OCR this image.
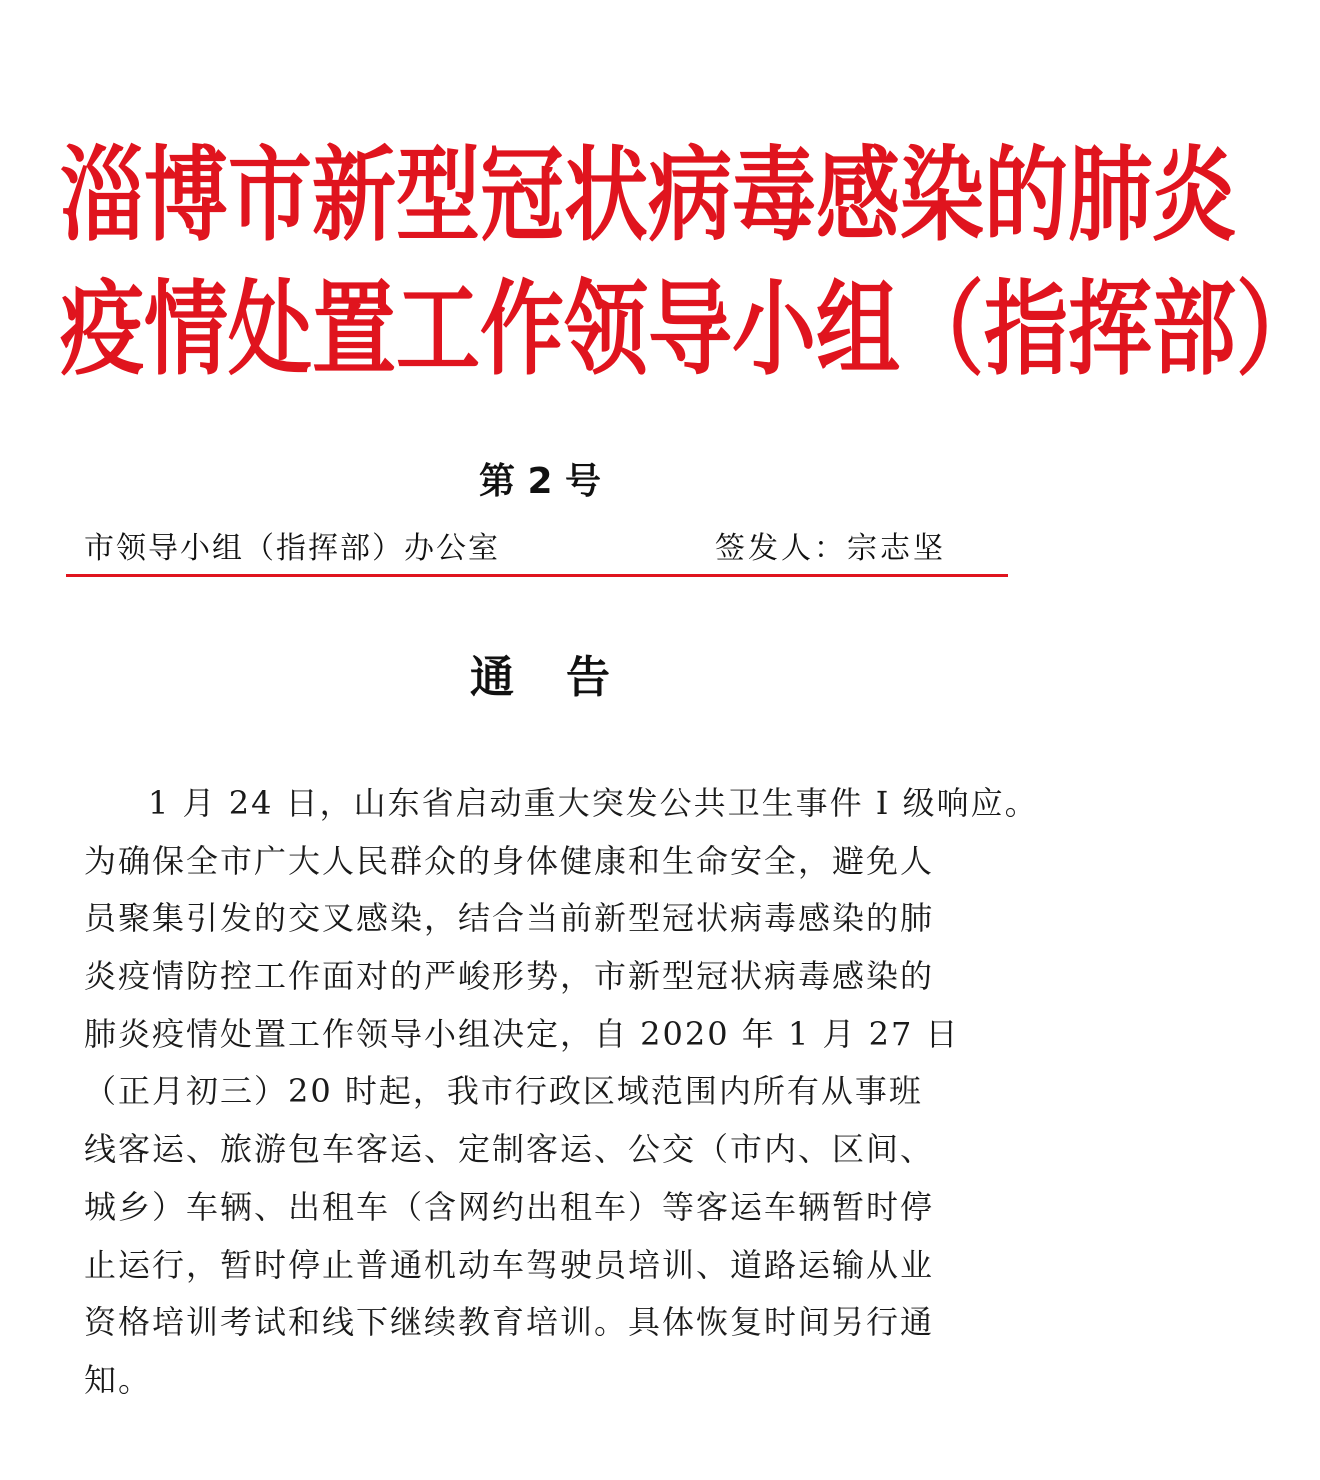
淄博市新型冠状病毒感染的肺炎
疫情处置工作领导小组（指挥部）
第 2 号
市领导小组（指挥部）办公室	签发人：宗志坚
通 告
1 月 24 日，山东省启动重大突发公共卫生事件 I 级响应。
为确保全市广大人民群众的身体健康和生命安全，避免人
员聚集引发的交叉感染，结合当前新型冠状病毒感染的肺
炎疫情防控工作面对的严峻形势，市新型冠状病毒感染的
肺炎疫情处置工作领导小组决定，自 2020 年 1 月 27 日
（正月初三）20 时起，我市行政区域范围内所有从事班
线客运、旅游包车客运、定制客运、公交（市内、区间、
城乡）车辆、出租车（含网约出租车）等客运车辆暂时停
止运行，暂时停止普通机动车驾驶员培训、道路运输从业
资格培训考试和线下继续教育培训。具体恢复时间另行通
知。
